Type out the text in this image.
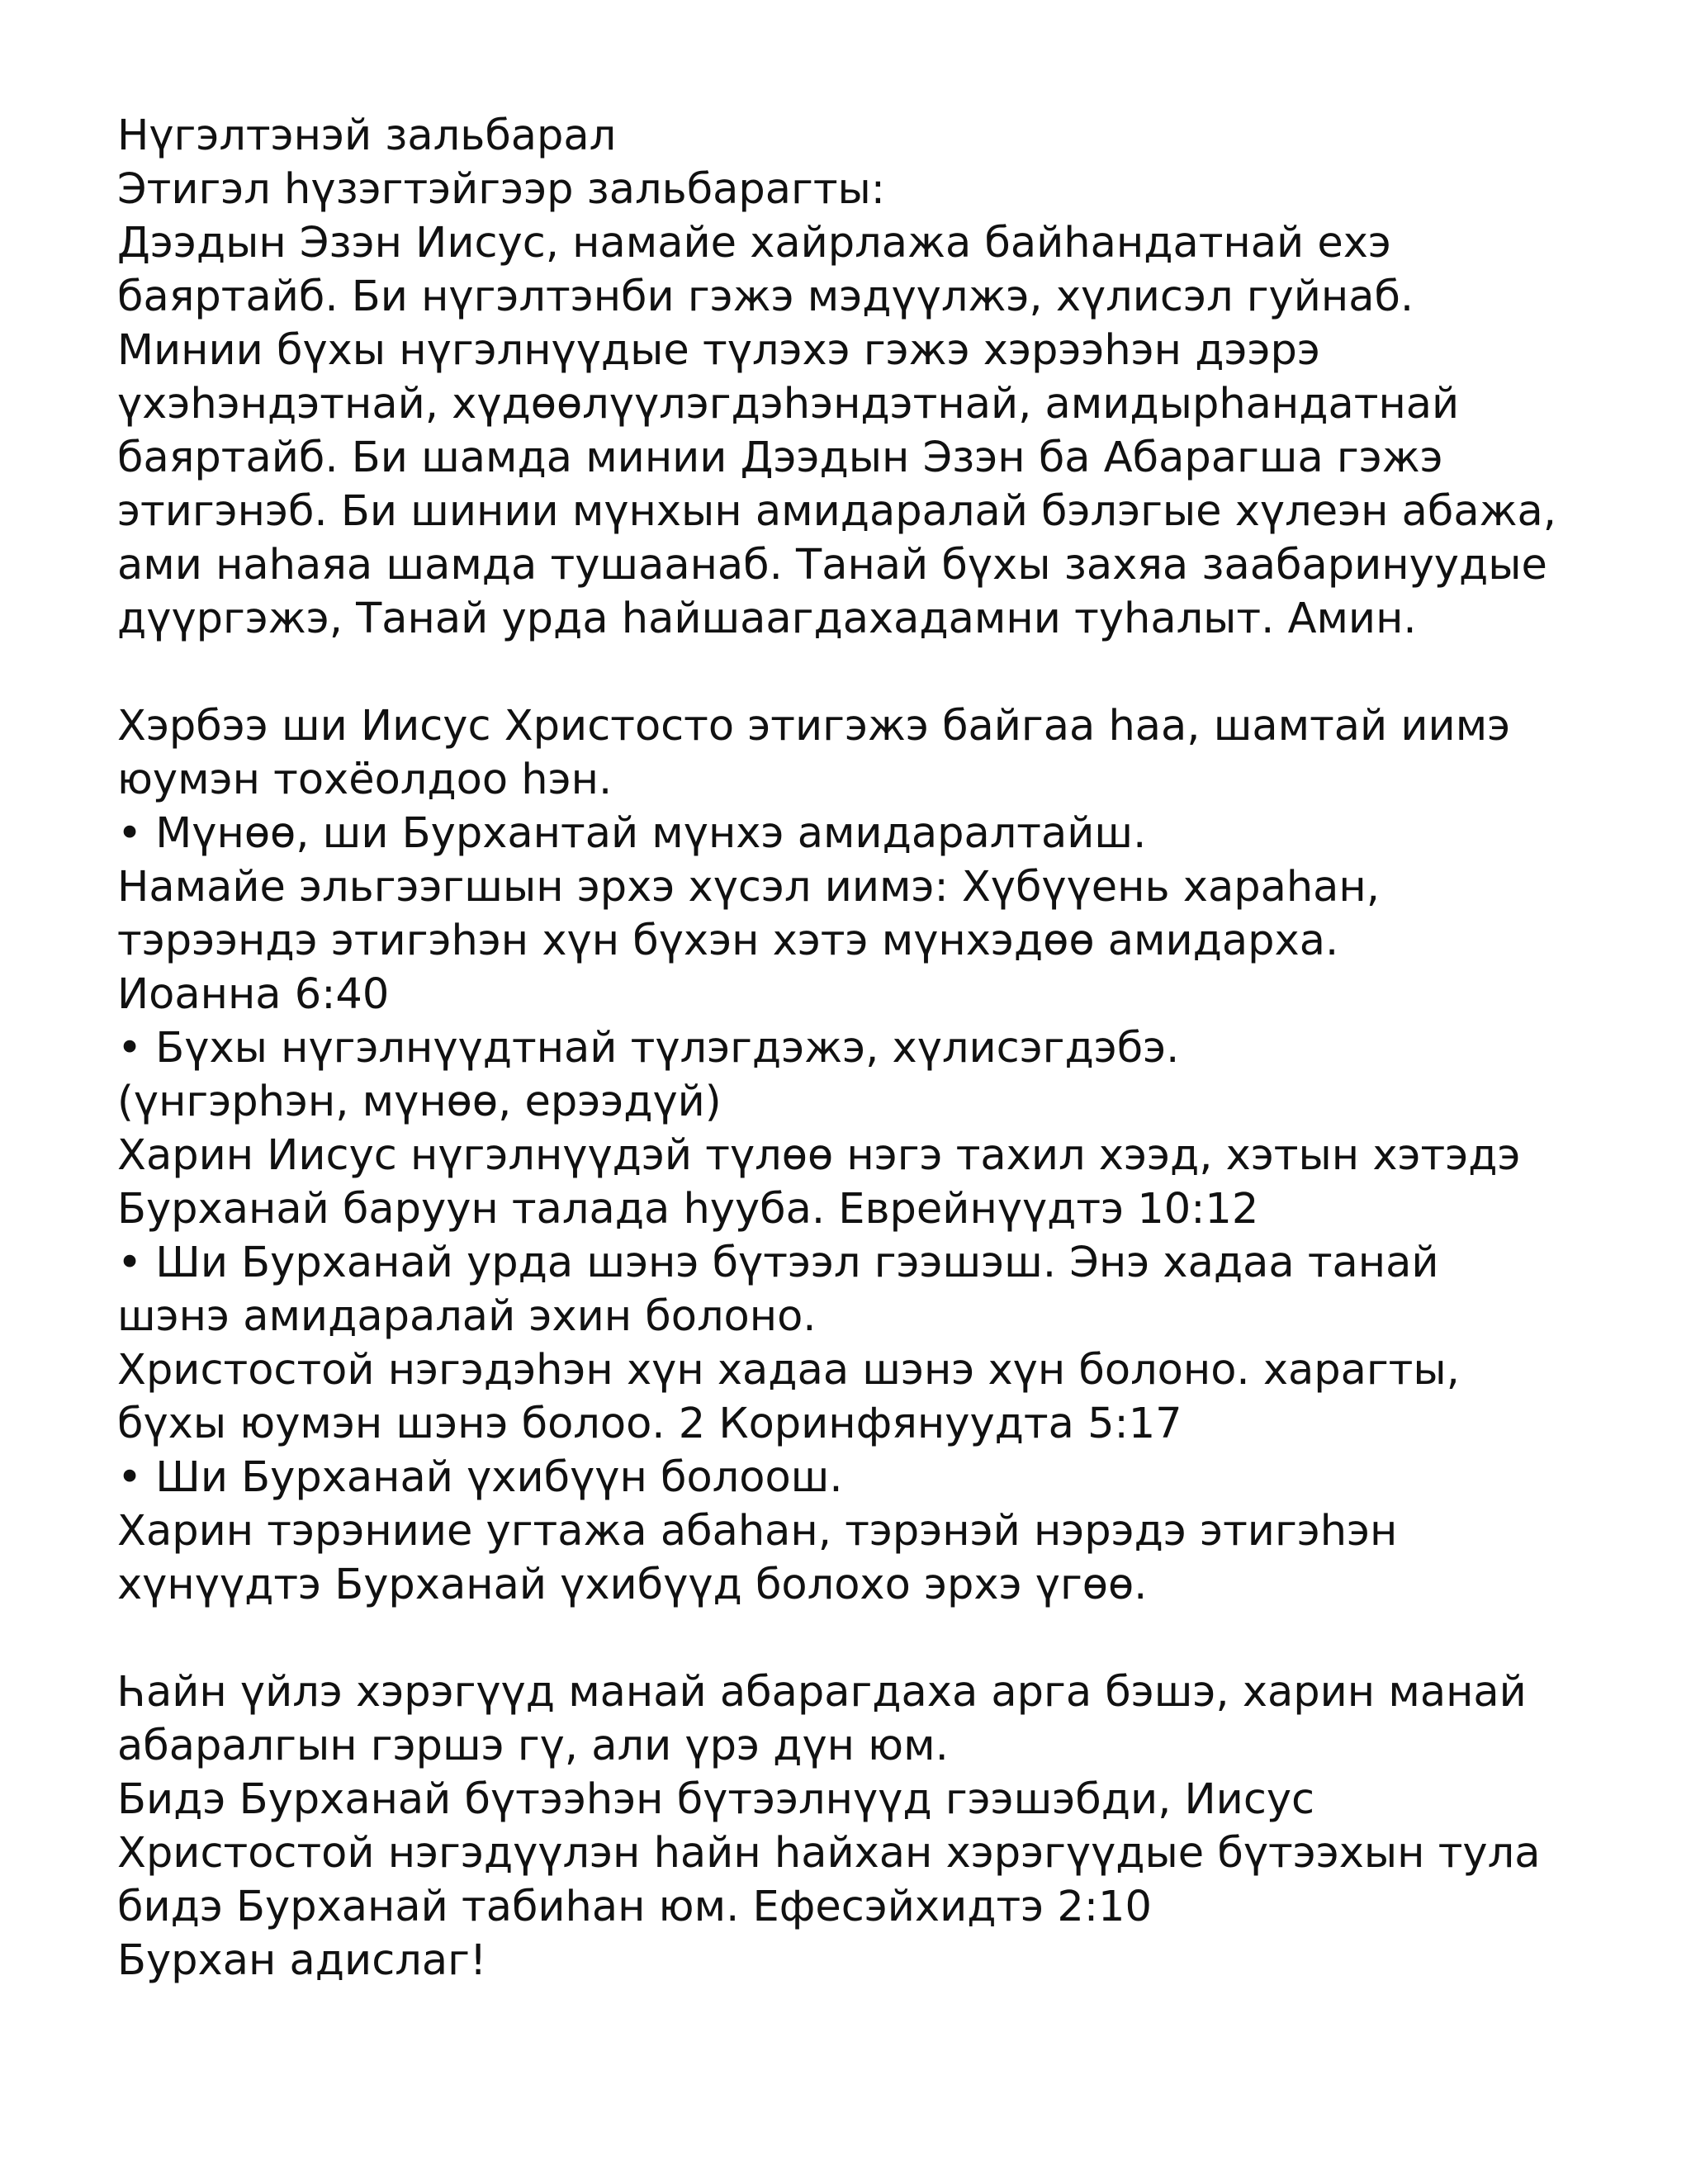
Нүгэлтэнэй зальбарал
Этигэл һүзэгтэйгээр зальбарагты:
Дээдын Эзэн Иисус, намайе хайрлажа байһандатнай ехэ
баяртайб. Би нүгэлтэнби гэжэ мэдүүлжэ, хүлисэл гуйнаб.
Минии бүхы нүгэлнүүдые түлэхэ гэжэ хэрээһэн дээрэ
үхэһэндэтнай, хүдөөлүүлэгдэһэндэтнай, амидырһандатнай
баяртайб. Би шамда минии Дээдын Эзэн ба Абарагша гэжэ
этигэнэб. Би шинии мүнхын амидаралай бэлэгые хүлеэн абажа,
ами наһаяа шамда тушаанаб. Танай бүхы захяа заабаринуудые
дүүргэжэ, Танай урда һайшаагдахадамни туһалыт. Амин.
Хэрбээ ши Иисус Христосто этигэжэ байгаа һаа, шамтай иимэ
юумэн тохёолдоо һэн.
• Мүнөө, ши Бурхантай мүнхэ амидаралтайш.
Намайе эльгээгшын эрхэ хүсэл иимэ: Хүбүүень хараһан,
тэрээндэ этигэһэн хүн бүхэн хэтэ мүнхэдөө амидарха.
Иоанна 6:40
• Бүхы нүгэлнүүдтнай түлэгдэжэ, хүлисэгдэбэ.
(үнгэрһэн, мүнөө, ерээдүй)
Харин Иисус нүгэлнүүдэй түлөө нэгэ тахил хээд, хэтын хэтэдэ
Бурханай баруун талада һууба. Еврейнүүдтэ 10:12
• Ши Бурханай урда шэнэ бүтээл гээшэш. Энэ хадаа танай
шэнэ амидаралай эхин болоно.
Христостой нэгэдэһэн хүн хадаа шэнэ хүн болоно. харагты,
бүхы юумэн шэнэ болоо. 2 Коринфянуудта 5:17
• Ши Бурханай үхибүүн болоош.
Харин тэрэниие угтажа абаһан, тэрэнэй нэрэдэ этигэһэн
хүнүүдтэ Бурханай үхибүүд болохо эрхэ үгөө.
Һайн үйлэ хэрэгүүд манай абарагдаха арга бэшэ, харин манай
абаралгын гэршэ гү, али үрэ дүн юм.
Бидэ Бурханай бүтээһэн бүтээлнүүд гээшэбди, Иисус
Христостой нэгэдүүлэн һайн һайхан хэрэгүүдые бүтээхын тула
бидэ Бурханай табиһан юм. Ефесэйхидтэ 2:10
Бурхан адислаг!
